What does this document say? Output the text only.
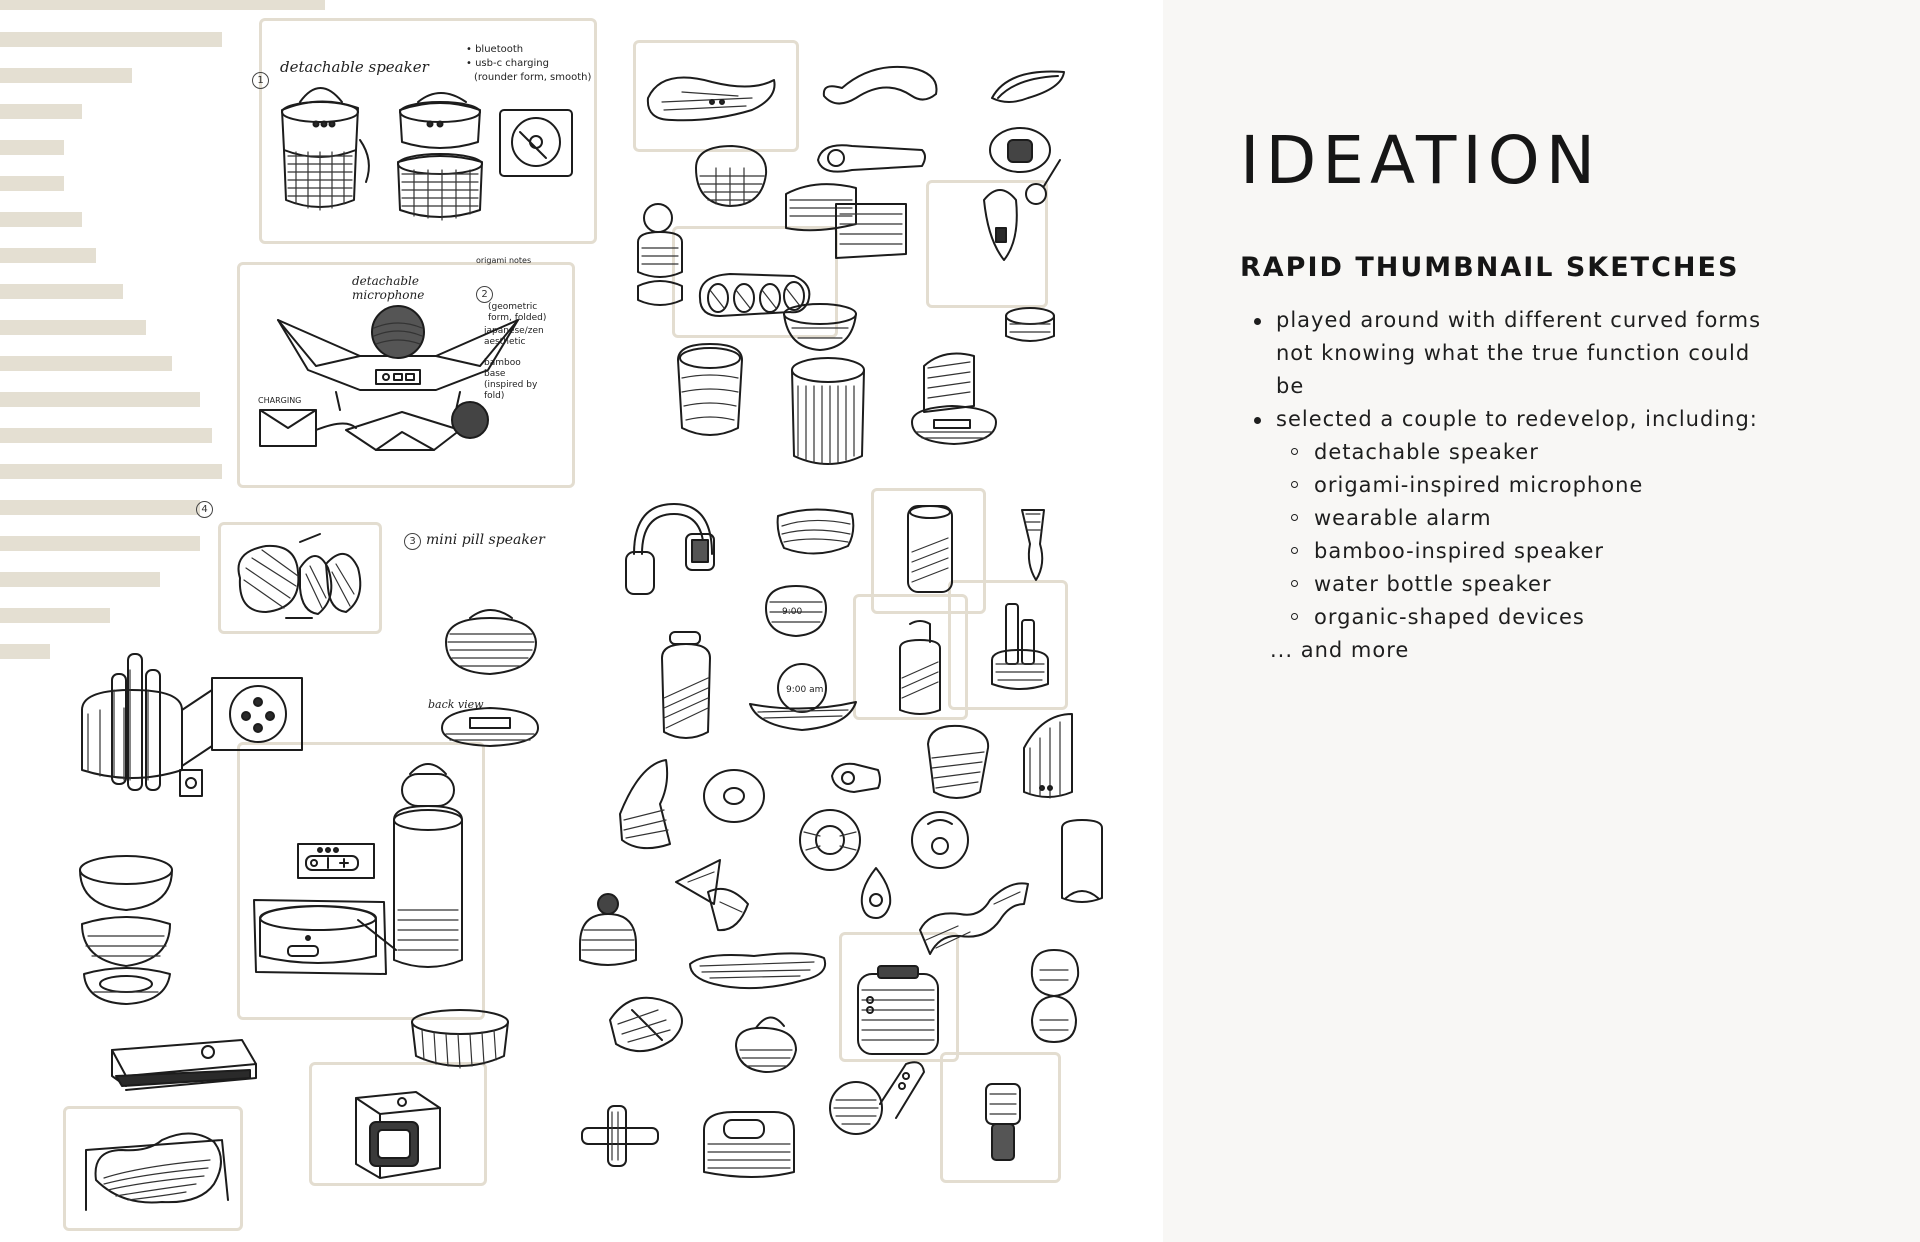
1
detachable speaker
• bluetooth
• usb-c charging
(rounder form, smooth)
detachable microphone	2
origami notes
(geometric form, folded)
japanese/zen aesthetic
bamboo base
(inspired by fold)
CHARGING
4
3 mini pill speaker
back view
9:00
9:00 am
IDEATION
RAPID THUMBNAIL SKETCHES
played around with different curved forms not knowing what the true function could be
selected a couple to redevelop, including:
detachable speaker
origami-inspired microphone
wearable alarm
bamboo-inspired speaker
water bottle speaker
organic-shaped devices
... and more
